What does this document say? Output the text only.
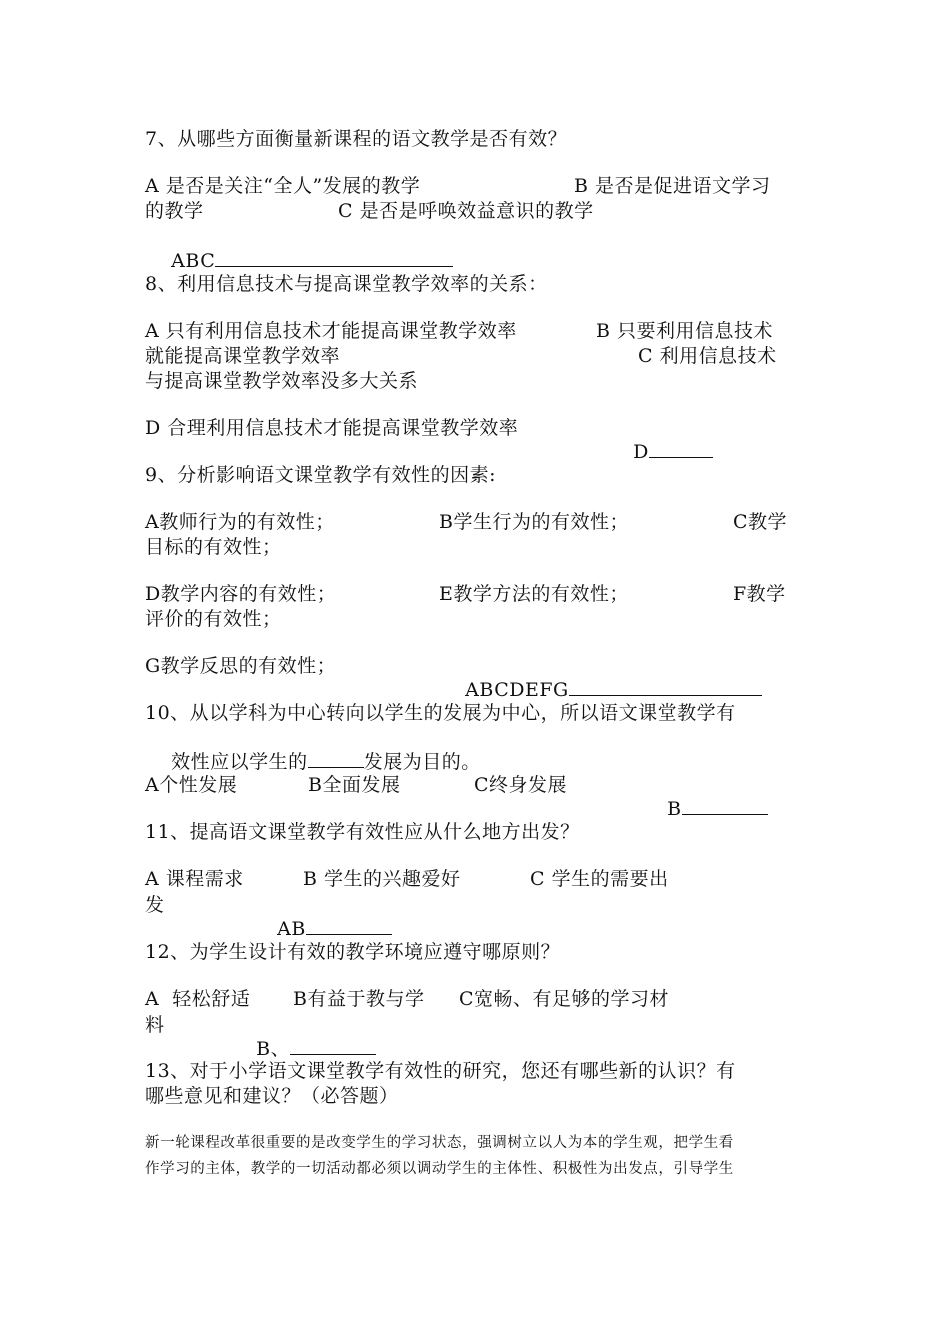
7、从哪些方面衡量新课程的语文教学是否有效？
A 是否是关注“全人”发展的教学	B 是否是促进语文学习
的教学	C 是否是呼唤效益意识的教学

ABC

8、利用信息技术与提高课堂教学效率的关系：
A 只有利用信息技术才能提高课堂教学效率	B 只要利用信息技术
就能提高课堂教学效率	C 利用信息技术
与提高课堂教学效率没多大关系
D 合理利用信息技术才能提高课堂教学效率

D

9、分析影响语文课堂教学有效性的因素:
A教师行为的有效性；	B学生行为的有效性；	C教学
目标的有效性；
D教学内容的有效性；	E教学方法的有效性；	F教学
评价的有效性；
G教学反思的有效性；

ABCDEFG

10、从以学科为中心转向以学生的发展为中心，所以语文课堂教学有

效性应以学生的	发展为目的。

A个性发展	B全面发展	C终身发展

B

11、提高语文课堂教学有效性应从什么地方出发？
A 课程需求	B 学生的兴趣爱好	C 学生的需要出
发

AB

12、为学生设计有效的教学环境应遵守哪原则？
A  轻松舒适 B有益于教与学 C宽畅、有足够的学习材
料

B、

13、对于小学语文课堂教学有效性的研究，您还有哪些新的认识？有
哪些意见和建议？（必答题）
新一轮课程改革很重要的是改变学生的学习状态，强调树立以人为本的学生观，把学生看
作学习的主体，教学的一切活动都必须以调动学生的主体性、积极性为出发点，引导学生
